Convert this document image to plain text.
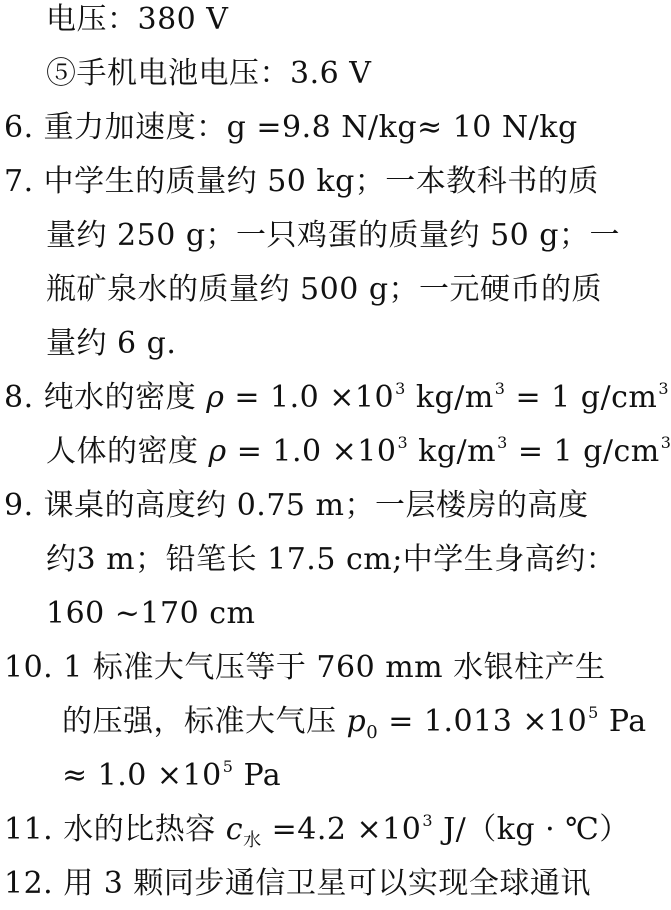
电压：380 V
⑤手机电池电压：3.6 V
6. 重力加速度：g =9.8 N/kg≈ 10 N/kg
7. 中学生的质量约 50 kg；一本教科书的质
量约 250 g；一只鸡蛋的质量约 50 g；一
瓶矿泉水的质量约 500 g；一元硬币的质
量约 6 g.
8. 纯水的密度 $\rho = 1.0 \times 10^3$ $kg/m^3 = 1$ $g/cm^3$
人体的密度 $\rho = 1.0 \times 10^3$ $kg/m^3 = 1$ $g/cm^3$
9. 课桌的高度约 0.75 m；一层楼房的高度
约3 m；铅笔长 17.5 cm;中学生身高约：
160 ~170 cm
10. 1 标准大气压等于 760 mm 水银柱产生
的压强，标准大气压 $p_0 = 1.013 \times 10^5$ Pa
≈ $1.0 \times 10^5$ Pa
11. 水的比热容 $c_水 =4.2 \times 10^3$ J/（kg · ℃）
12. 用 3 颗同步通信卫星可以实现全球通讯
